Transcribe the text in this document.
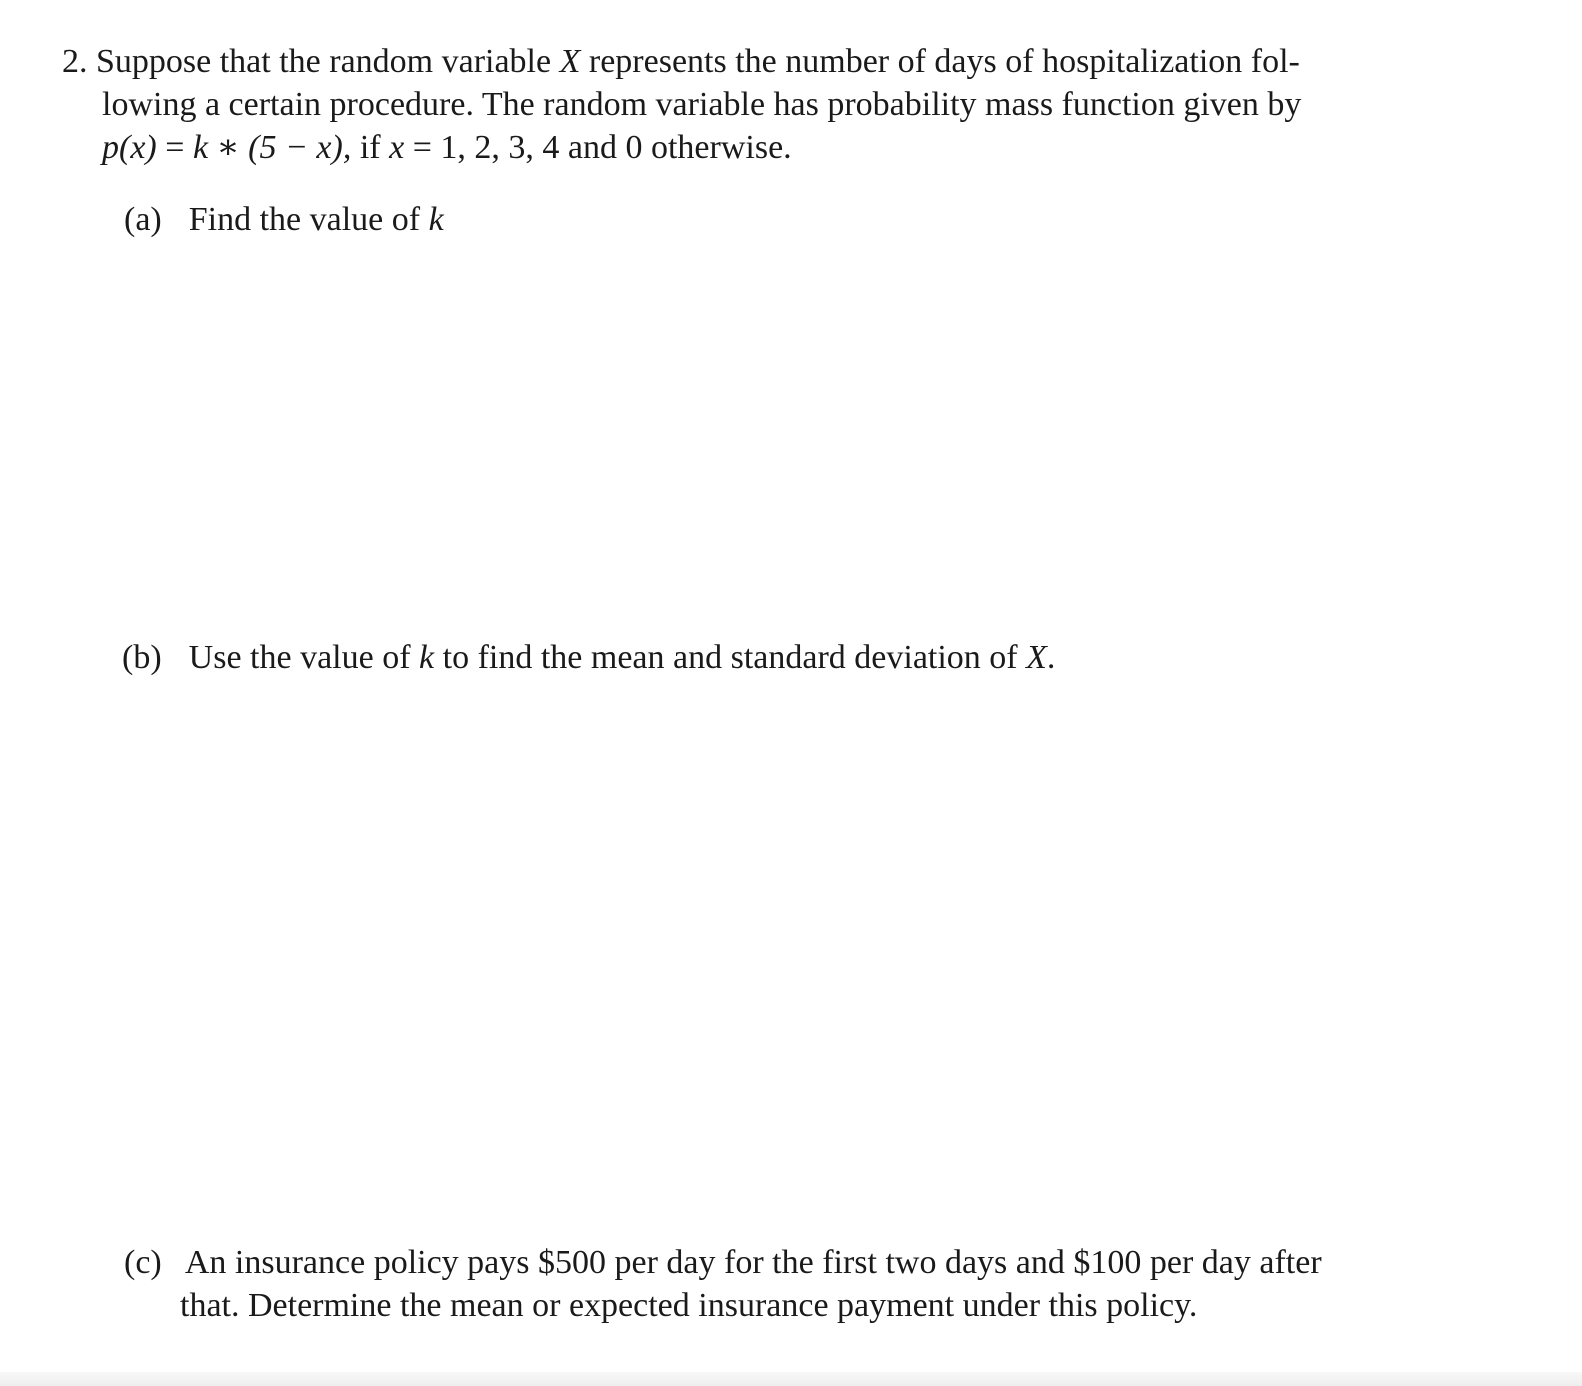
2. Suppose that the random variable X represents the number of days of hospitalization fol-
lowing a certain procedure. The random variable has probability mass function given by
p(x) = k ∗ (5 − x), if x = 1, 2, 3, 4 and 0 otherwise.
(a) Find the value of k
(b) Use the value of k to find the mean and standard deviation of X.
(c) An insurance policy pays $500 per day for the first two days and $100 per day after
that. Determine the mean or expected insurance payment under this policy.
